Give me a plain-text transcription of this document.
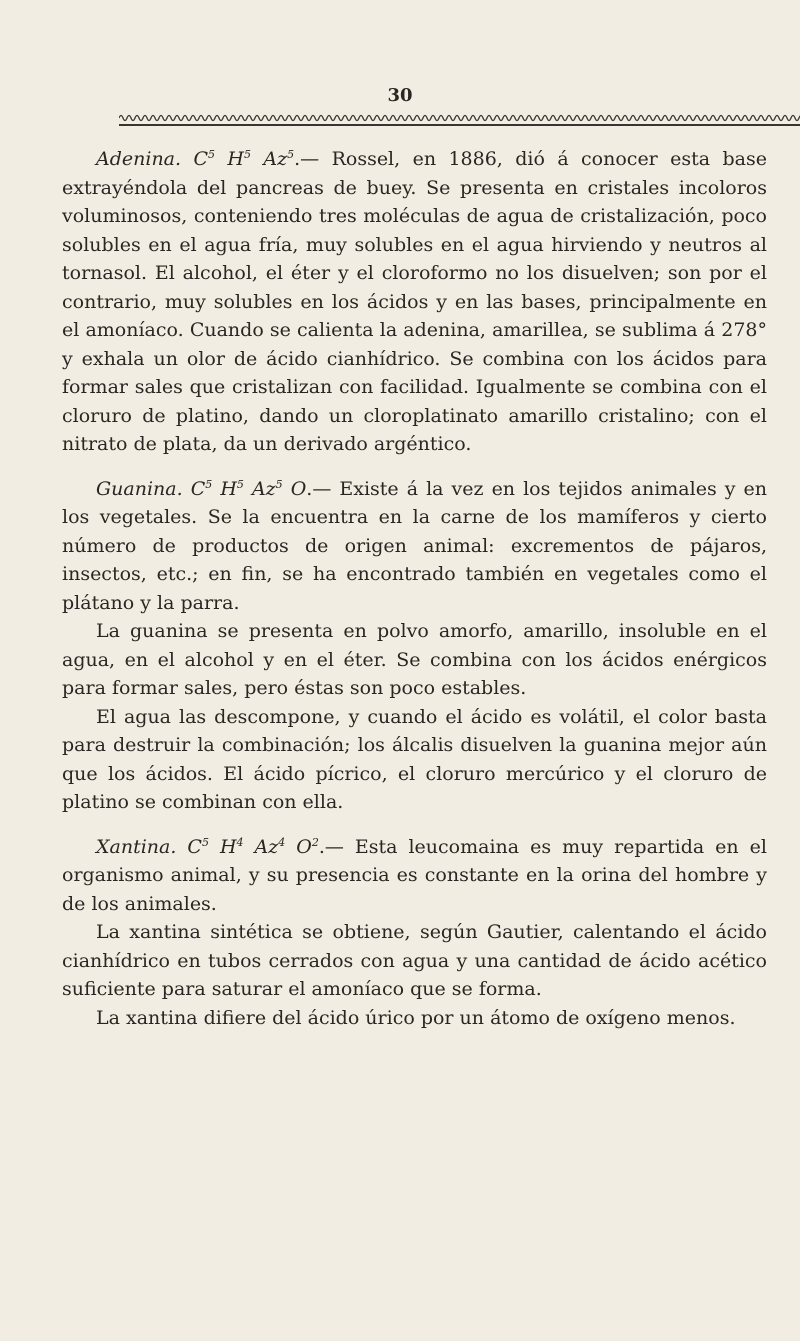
30

Adenina. $C^5$ $H^5$ Az$^5$.— Rossel, en 1886, dió á conocer esta base extrayéndola del pancreas de buey. Se presenta en cristales incoloros voluminosos, conteniendo tres moléculas de agua de cristalización, poco solubles en el agua fría, muy solubles en el agua hirviendo y neutros al tornasol. El alcohol, el éter y el cloroformo no los disuelven; son por el contrario, muy solubles en los ácidos y en las bases, principalmente en el amoníaco. Cuando se calienta la adenina, amarillea, se sublima á 278° y exhala un olor de ácido cianhídrico. Se combina con los ácidos para formar sales que cristalizan con facilidad. Igualmente se combina con el cloruro de platino, dando un cloroplatinato amarillo cristalino; con el nitrato de plata, da un derivado argéntico.

Guanina. $C^5$ $H^5$ Az$^5$ O.— Existe á la vez en los tejidos animales y en los vegetales. Se la encuentra en la carne de los mamíferos y cierto número de productos de origen animal: excrementos de pájaros, insectos, etc.; en fin, se ha encontrado también en vegetales como el plátano y la parra.

La guanina se presenta en polvo amorfo, amarillo, insoluble en el agua, en el alcohol y en el éter. Se combina con los ácidos enérgicos para formar sales, pero éstas son poco estables.

El agua las descompone, y cuando el ácido es volátil, el color basta para destruir la combinación; los álcalis disuelven la guanina mejor aún que los ácidos. El ácido pícrico, el cloruro mercúrico y el cloruro de platino se combinan con ella.

Xantina. $C^5$ $H^4$ Az$^4$ $O^2.—$ Esta leucomaina es muy repartida en el organismo animal, y su presencia es constante en la orina del hombre y de los animales.

La xantina sintética se obtiene, según Gautier, calentando el ácido cianhídrico en tubos cerrados con agua y una cantidad de ácido acético suficiente para saturar el amoníaco que se forma.

La xantina difiere del ácido úrico por un átomo de oxígeno menos.
